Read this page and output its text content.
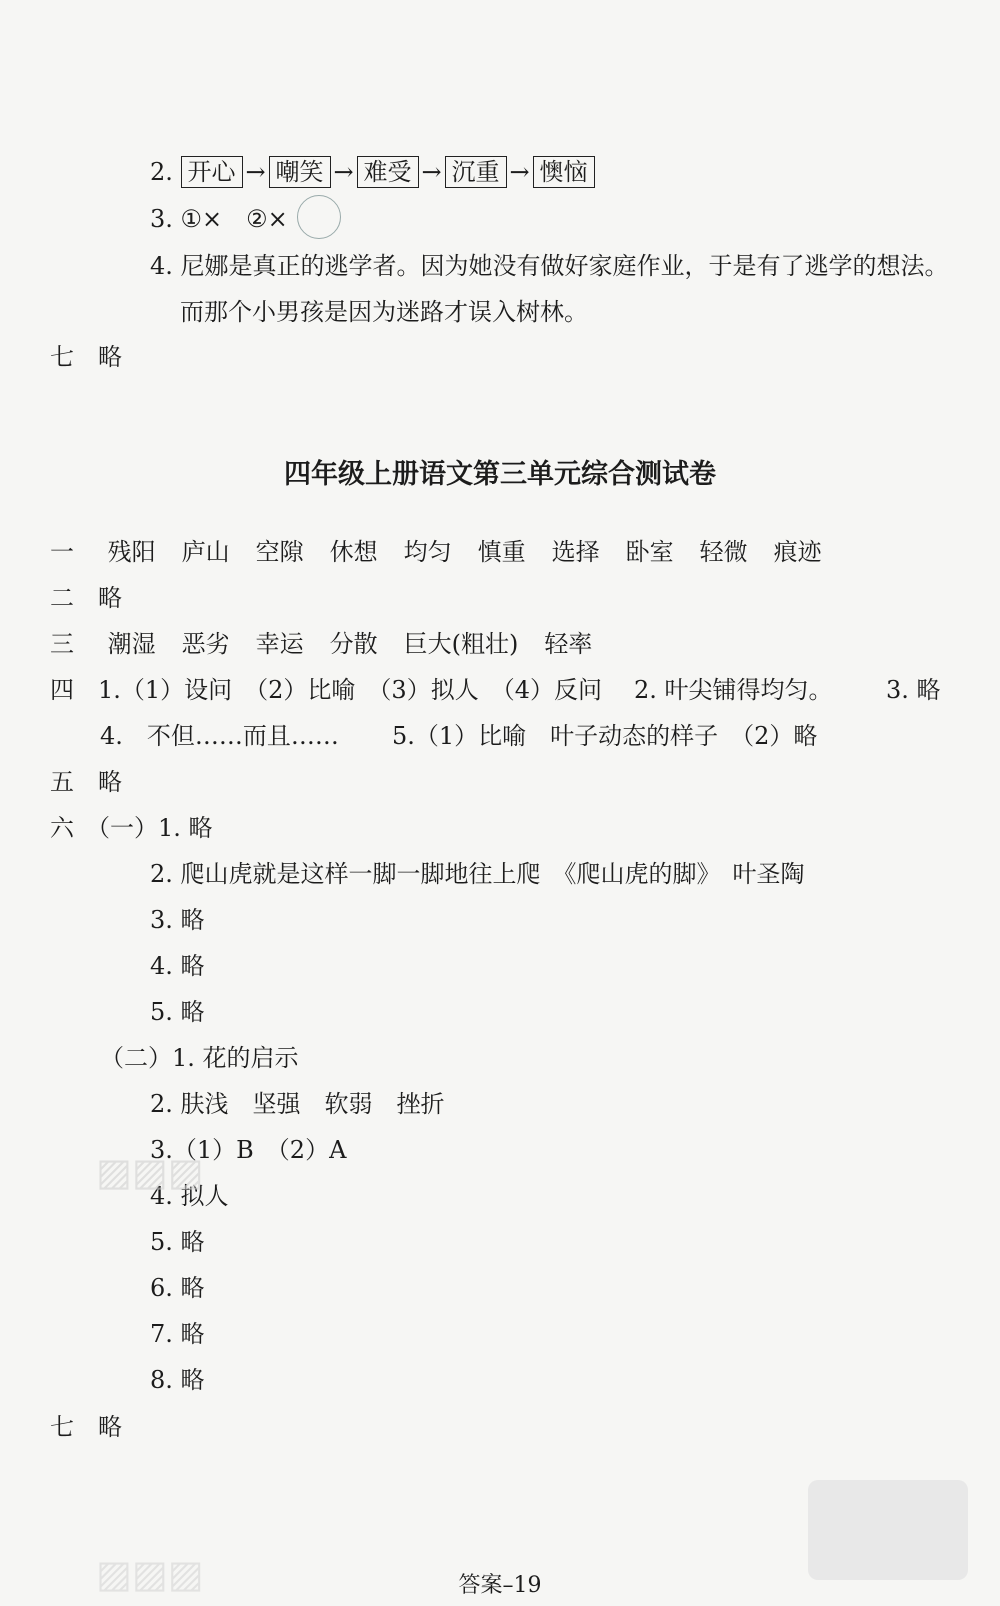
2. 开心 → 嘲笑 → 难受 → 沉重 → 懊恼
3. ①×　②×
4. 尼娜是真正的逃学者。因为她没有做好家庭作业，于是有了逃学的想法。
而那个小男孩是因为迷路才误入树林。
七　略
四年级上册语文第三单元综合测试卷
一 残阳 庐山 空隙 休想 均匀 慎重 选择 卧室 轻微 痕迹
二　略
三 潮湿 恶劣 幸运 分散 巨大(粗壮) 轻率
四　1.（1）设问　（2）比喻　（3）拟人　（4）反问 2. 叶尖铺得均匀。 3. 略
4.　不但……而且…… 5.（1）比喻　叶子动态的样子　（2）略
五　略
六　（一）1. 略
2. 爬山虎就是这样一脚一脚地往上爬　《爬山虎的脚》　叶圣陶
3. 略
4. 略
5. 略
（二）1. 花的启示
2. 肤浅　坚强　软弱　挫折
3.（1）B　（2）A
4. 拟人
5. 略
6. 略
7. 略
8. 略
七　略
▨▨▨
▨▨▨	答案–19
